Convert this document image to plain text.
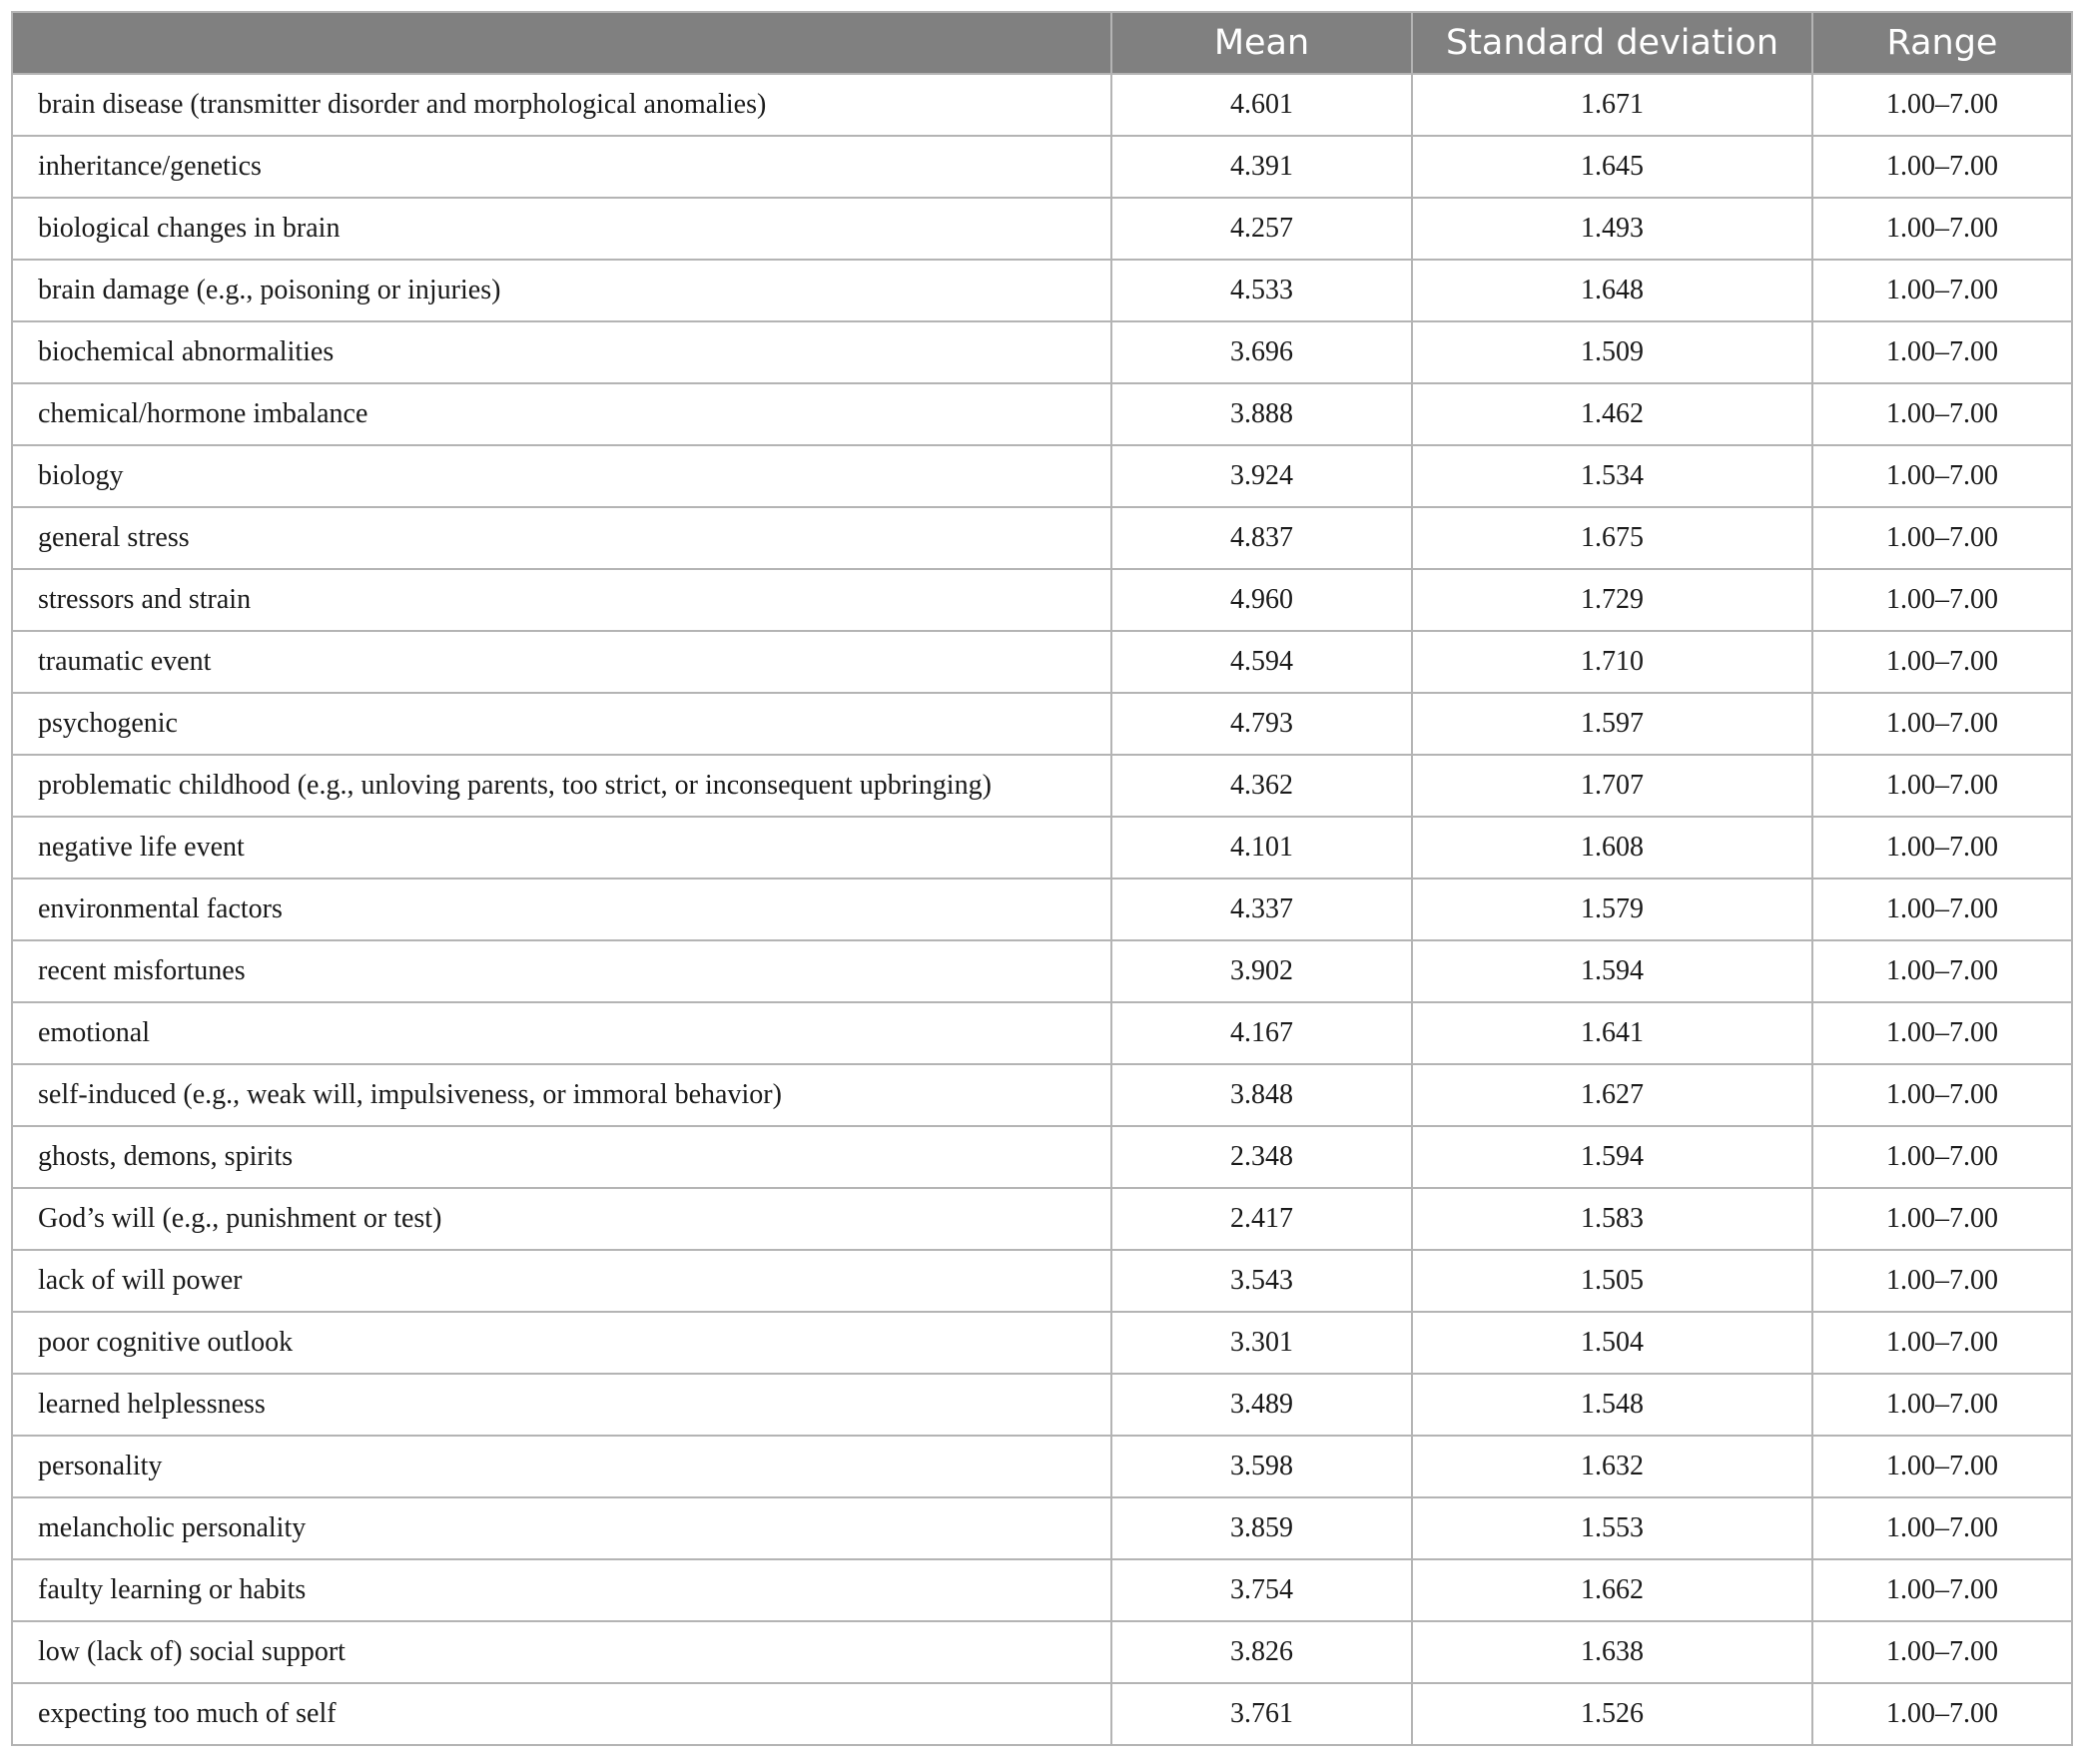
	Mean	Standard deviation	Range
brain disease (transmitter disorder and morphological anomalies)	4.601	1.671	1.00–7.00
inheritance/genetics	4.391	1.645	1.00–7.00
biological changes in brain	4.257	1.493	1.00–7.00
brain damage (e.g., poisoning or injuries)	4.533	1.648	1.00–7.00
biochemical abnormalities	3.696	1.509	1.00–7.00
chemical/hormone imbalance	3.888	1.462	1.00–7.00
biology	3.924	1.534	1.00–7.00
general stress	4.837	1.675	1.00–7.00
stressors and strain	4.960	1.729	1.00–7.00
traumatic event	4.594	1.710	1.00–7.00
psychogenic	4.793	1.597	1.00–7.00
problematic childhood (e.g., unloving parents, too strict, or inconsequent upbringing)	4.362	1.707	1.00–7.00
negative life event	4.101	1.608	1.00–7.00
environmental factors	4.337	1.579	1.00–7.00
recent misfortunes	3.902	1.594	1.00–7.00
emotional	4.167	1.641	1.00–7.00
self-induced (e.g., weak will, impulsiveness, or immoral behavior)	3.848	1.627	1.00–7.00
ghosts, demons, spirits	2.348	1.594	1.00–7.00
God’s will (e.g., punishment or test)	2.417	1.583	1.00–7.00
lack of will power	3.543	1.505	1.00–7.00
poor cognitive outlook	3.301	1.504	1.00–7.00
learned helplessness	3.489	1.548	1.00–7.00
personality	3.598	1.632	1.00–7.00
melancholic personality	3.859	1.553	1.00–7.00
faulty learning or habits	3.754	1.662	1.00–7.00
low (lack of) social support	3.826	1.638	1.00–7.00
expecting too much of self	3.761	1.526	1.00–7.00
